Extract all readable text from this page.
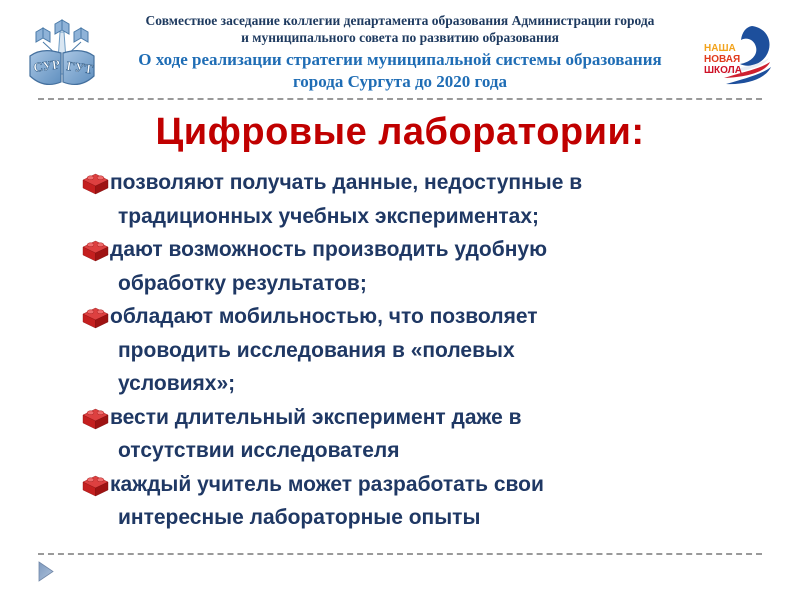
СУР ГУТ
Совместное заседание коллегии департамента образования Администрации города
и муниципального совета по развитию образования
О ходе реализации стратегии муниципальной системы образования
города Сургута до 2020 года
НАША
НОВАЯ
ШКОЛА
Цифровые лаборатории:
позволяют получать данные, недоступные в традиционных учебных экспериментах;
дают возможность производить удобную обработку результатов;
обладают мобильностью, что позволяет проводить исследования в «полевых условиях»;
вести длительный эксперимент даже в отсутствии исследователя
каждый учитель может разработать свои интересные лабораторные опыты
